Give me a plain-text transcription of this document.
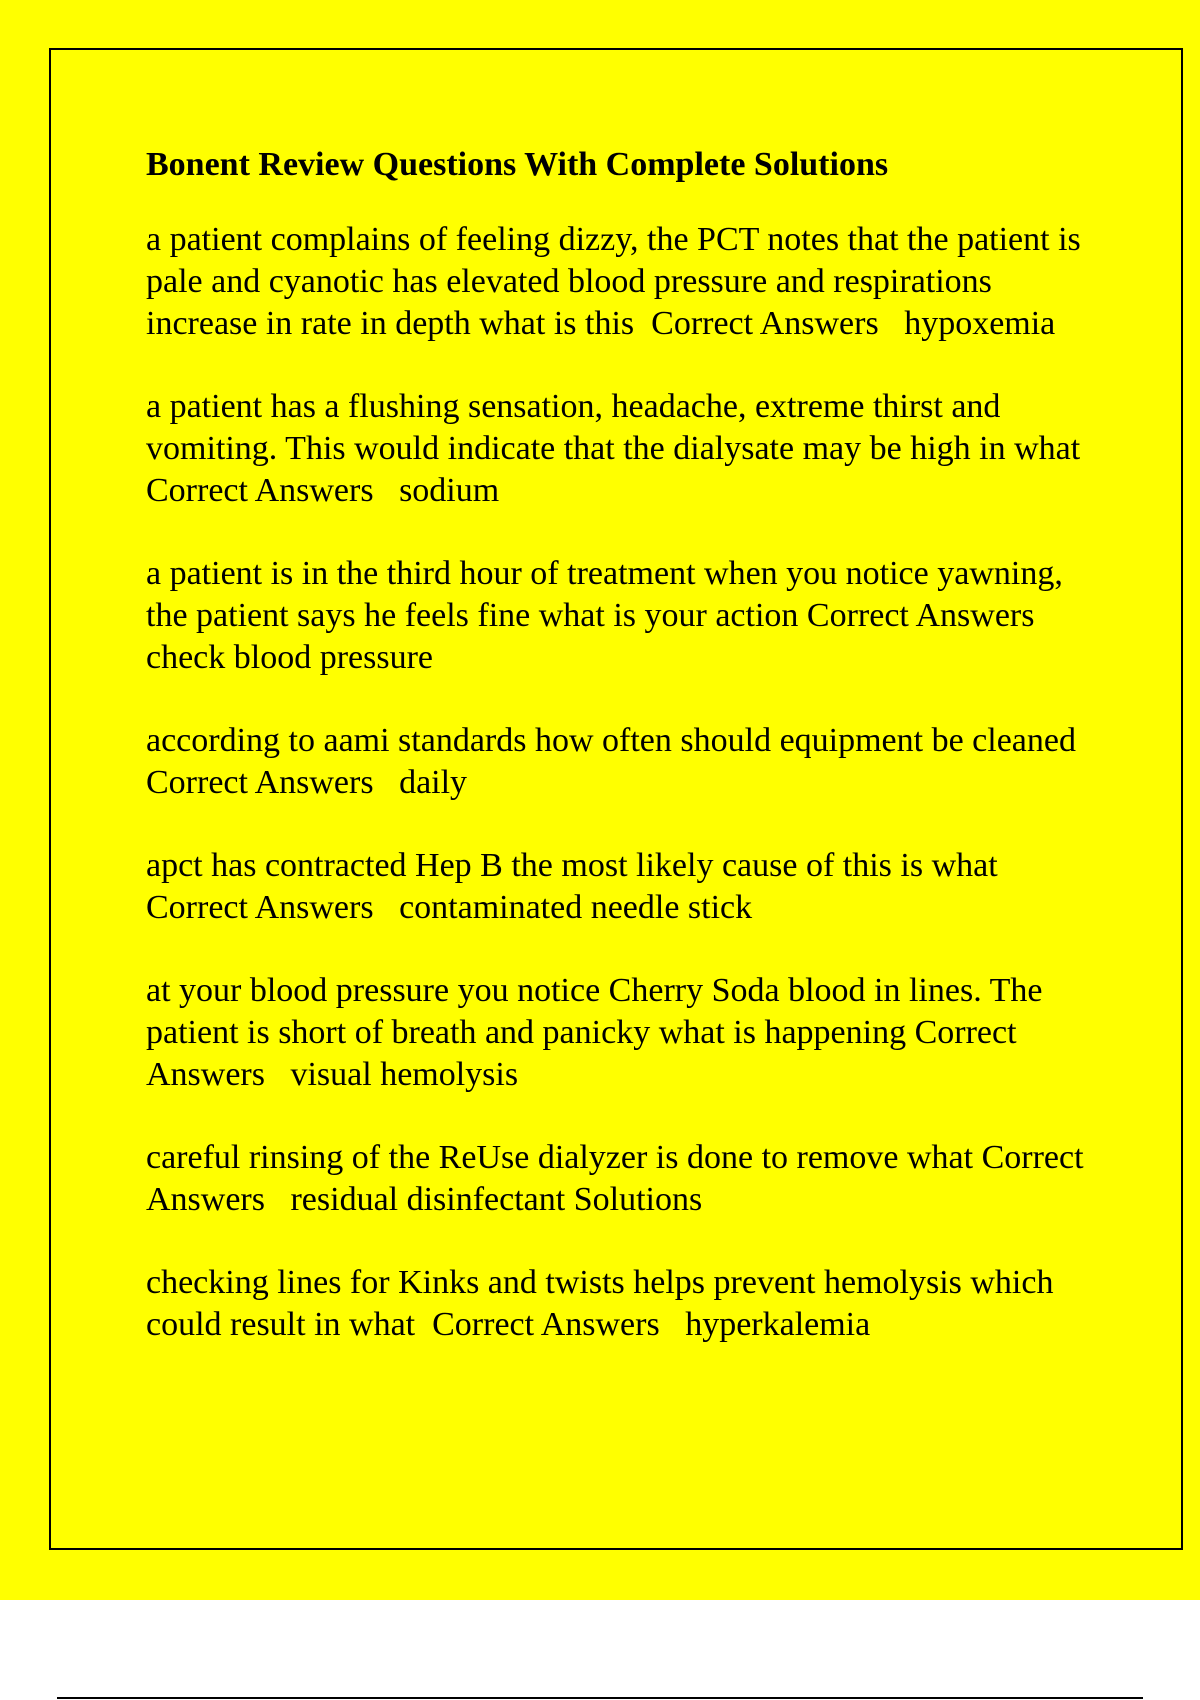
Bonent Review Questions With Complete Solutions
a patient complains of feeling dizzy, the PCT notes that the patient is pale and cyanotic has elevated blood pressure and respirations increase in rate in depth what is this Correct Answers hypoxemia
a patient has a flushing sensation, headache, extreme thirst and vomiting. This would indicate that the dialysate may be high in what  Correct Answers sodium
a patient is in the third hour of treatment when you notice yawning, the patient says he feels fine what is your action Correct Answers   check blood pressure
according to aami standards how often should equipment be cleaned  Correct Answers daily
apct has contracted Hep B the most likely cause of this is what Correct Answers contaminated needle stick
at your blood pressure you notice Cherry Soda blood in lines. The patient is short of breath and panicky what is happening Correct Answers visual hemolysis
careful rinsing of the ReUse dialyzer is done to remove what Correct Answers residual disinfectant Solutions
checking lines for Kinks and twists helps prevent hemolysis which could result in what Correct Answers hyperkalemia
